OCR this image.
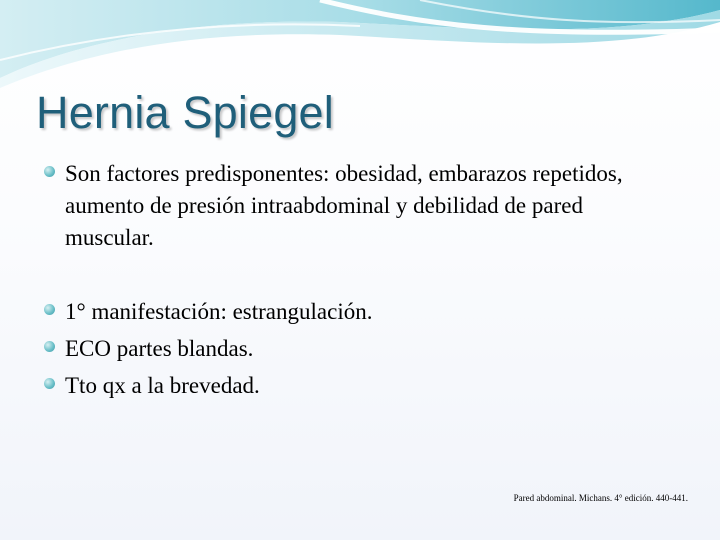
Hernia Spiegel
Son factores predisponentes: obesidad, embarazos repetidos, aumento de presión intraabdominal y debilidad de pared muscular.
1° manifestación: estrangulación.
ECO partes blandas.
Tto qx a la brevedad.

Pared abdominal. Michans. 4° edición. 440-441.
